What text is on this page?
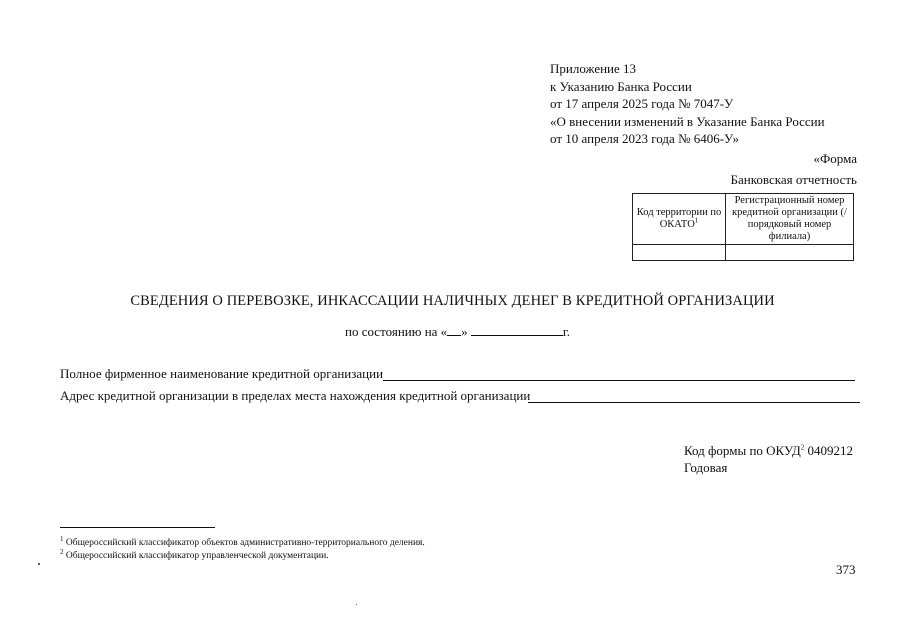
Приложение 13
к Указанию Банка России
от 17 апреля 2025 года № 7047-У
«О внесении изменений в Указание Банка России
от 10 апреля 2023 года № 6406-У»
«Форма
Банковская отчетность
Код территории по ОКАТО$^1$	Регистрационный номер кредитной организации (/ порядковый номер филиала)

СВЕДЕНИЯ О ПЕРЕВОЗКЕ, ИНКАССАЦИИ НАЛИЧНЫХ ДЕНЕГ В КРЕДИТНОЙ ОРГАНИЗАЦИИ
по состоянию на « »	г.
Полное фирменное наименование кредитной организации
Адрес кредитной организации в пределах места нахождения кредитной организации
Код формы по ОКУД$^2$ 0409212
Годовая
$^1$ Общероссийский классификатор объектов административно-территориального деления.
$^2$ Общероссийский классификатор управленческой документации.
373
